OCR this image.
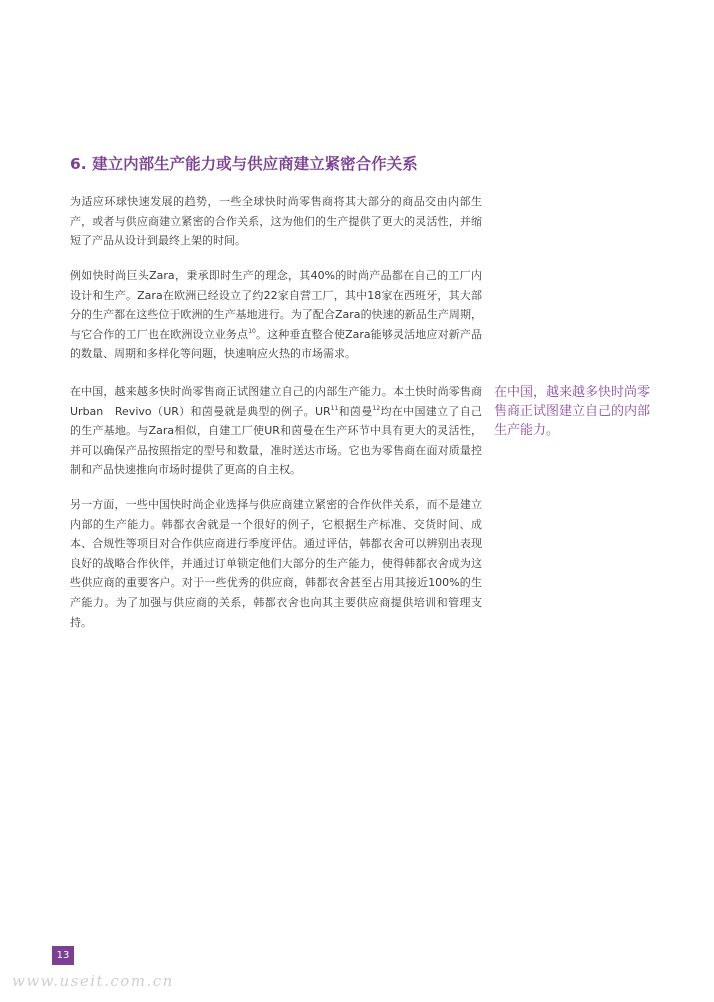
6. 建立内部生产能力或与供应商建立紧密合作关系

为适应环球快速发展的趋势，一些全球快时尚零售商将其大部分的商品交由内部生产，或者与供应商建立紧密的合作关系，这为他们的生产提供了更大的灵活性，并缩短了产品从设计到最终上架的时间。

例如快时尚巨头Zara，秉承即时生产的理念，其40%的时尚产品都在自己的工厂内设计和生产。Zara在欧洲已经设立了约22家自营工厂，其中18家在西班牙，其大部分的生产都在这些位于欧洲的生产基地进行。为了配合Zara的快速的新品生产周期，与它合作的工厂也在欧洲设立业务点$^{10}$。这种垂直整合使Zara能够灵活地应对新产品的数量、周期和多样化等问题，快速响应火热的市场需求。

在中国，越来越多快时尚零售商正试图建立自己的内部生产能力。本土快时尚零售商Urban　Revivo（UR）和茵曼就是典型的例子。UR$^{11}$和茵曼$^{12}$均在中国建立了自己的生产基地。与Zara相似，自建工厂使UR和茵曼在生产环节中具有更大的灵活性，并可以确保产品按照指定的型号和数量，准时送达市场。它也为零售商在面对质量控制和产品快速推向市场时提供了更高的自主权。

另一方面，一些中国快时尚企业选择与供应商建立紧密的合作伙伴关系，而不是建立内部的生产能力。韩都衣舍就是一个很好的例子，它根据生产标准、交货时间、成本、合规性等项目对合作供应商进行季度评估。通过评估，韩都衣舍可以辨别出表现良好的战略合作伙伴，并通过订单锁定他们大部分的生产能力，使得韩都衣舍成为这些供应商的重要客户。对于一些优秀的供应商，韩都衣舍甚至占用其接近100%的生产能力。为了加强与供应商的关系，韩都衣舍也向其主要供应商提供培训和管理支持。

在中国，越来越多快时尚零售商正试图建立自己的内部生产能力。

13
www.useit.com.cn
